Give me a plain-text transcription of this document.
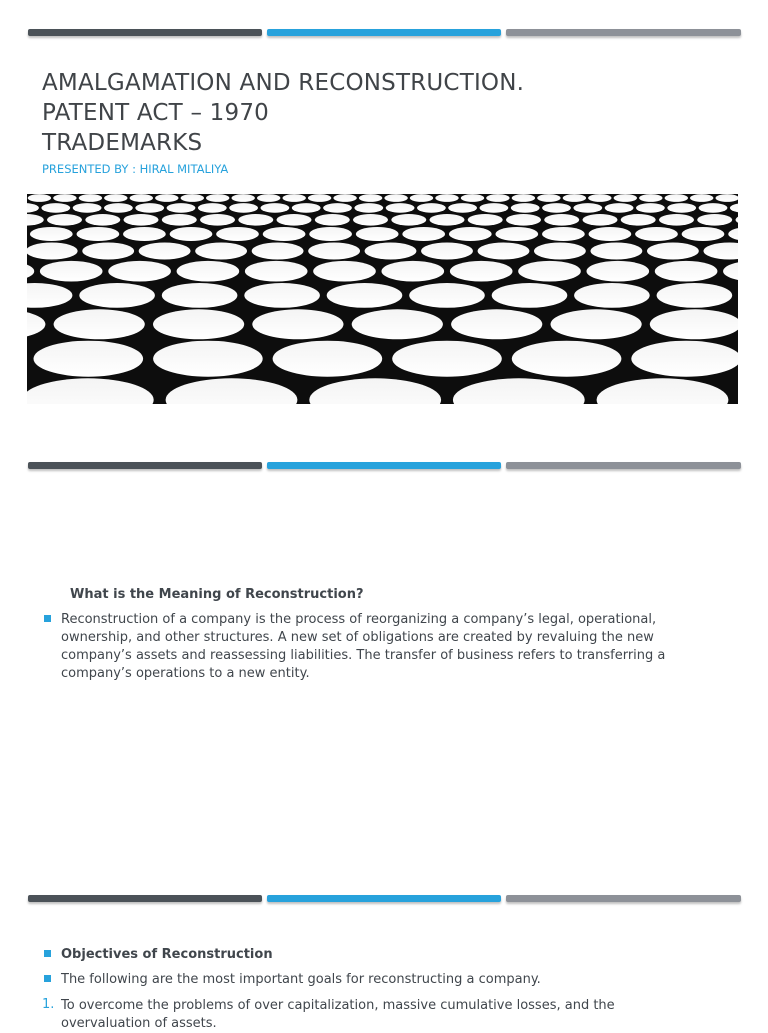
AMALGAMATION AND RECONSTRUCTION.
PATENT ACT – 1970
TRADEMARKS
PRESENTED BY : HIRAL MITALIYA
What is the Meaning of Reconstruction?
Reconstruction of a company is the process of reorganizing a company’s legal, operational, ownership, and other structures. A new set of obligations are created by revaluing the new company’s assets and reassessing liabilities. The transfer of business refers to transferring a company’s operations to a new entity.
Objectives of Reconstruction
The following are the most important goals for reconstructing a company.
1. To overcome the problems of over capitalization, massive cumulative losses, and the overvaluation of assets.
